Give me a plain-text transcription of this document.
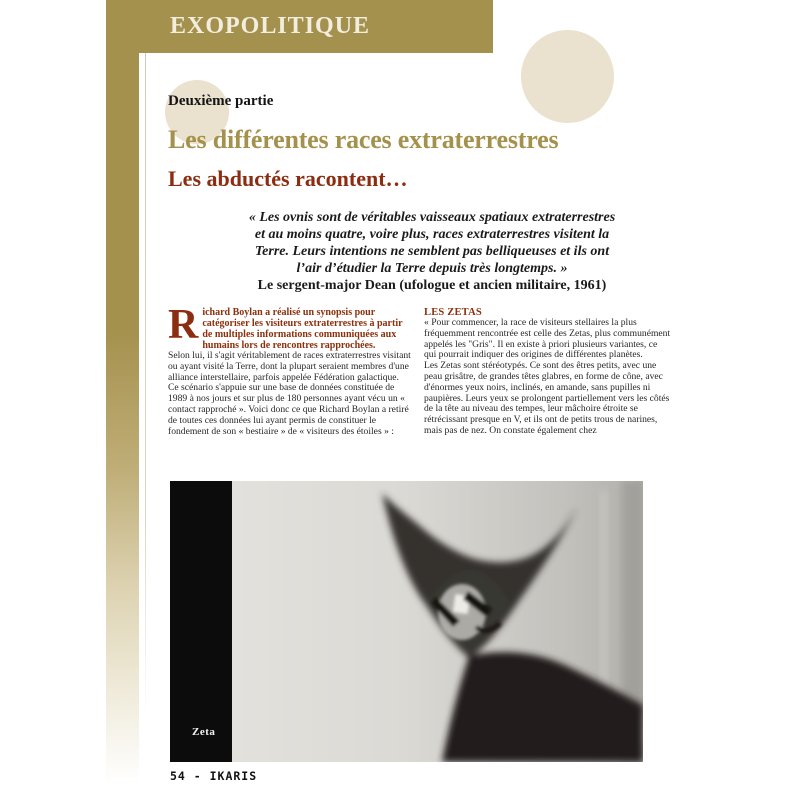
EXOPOLITIQUE
Deuxième partie
Les différentes races extraterrestres
Les abductés racontent…
« Les ovnis sont de véritables vaisseaux spatiaux extraterrestres
et au moins quatre, voire plus, races extraterrestres visitent la
Terre. Leurs intentions ne semblent pas belliqueuses et ils ont
l’air d’étudier la Terre depuis très longtemps. »
Le sergent-major Dean (ufologue et ancien militaire, 1961)

Richard Boylan a réalisé un synopsis pour catégoriser les visiteurs extraterrestres à partir de multiples informations communiquées aux humains lors de rencontres rapprochées.

Selon lui, il s'agit véritablement de races extraterrestres visitant ou ayant visité la Terre, dont la plupart seraient membres d'une alliance interstellaire, parfois appelée Fédération galactique. Ce scénario s'appuie sur une base de données constituée de 1989 à nos jours et sur plus de 180 personnes ayant vécu un « contact rapproché ». Voici donc ce que Richard Boylan a retiré de toutes ces données lui ayant permis de constituer le fondement de son « bestiaire » de « visiteurs des étoiles » :

LES ZETAS

« Pour commencer, la race de visiteurs stellaires la plus fréquemment rencontrée est celle des Zetas, plus communément appelés les "Gris". Il en existe à priori plusieurs variantes, ce qui pourrait indiquer des origines de différentes planètes.

Les Zetas sont stéréotypés. Ce sont des êtres petits, avec une peau grisâtre, de grandes têtes glabres, en forme de cône, avec d'énormes yeux noirs, inclinés, en amande, sans pupilles ni paupières. Leurs yeux se prolongent partiellement vers les côtés de la tête au niveau des tempes, leur mâchoire étroite se rétrécissant presque en V, et ils ont de petits trous de narines, mais pas de nez. On constate également chez

Zeta
54 - IKARIS
